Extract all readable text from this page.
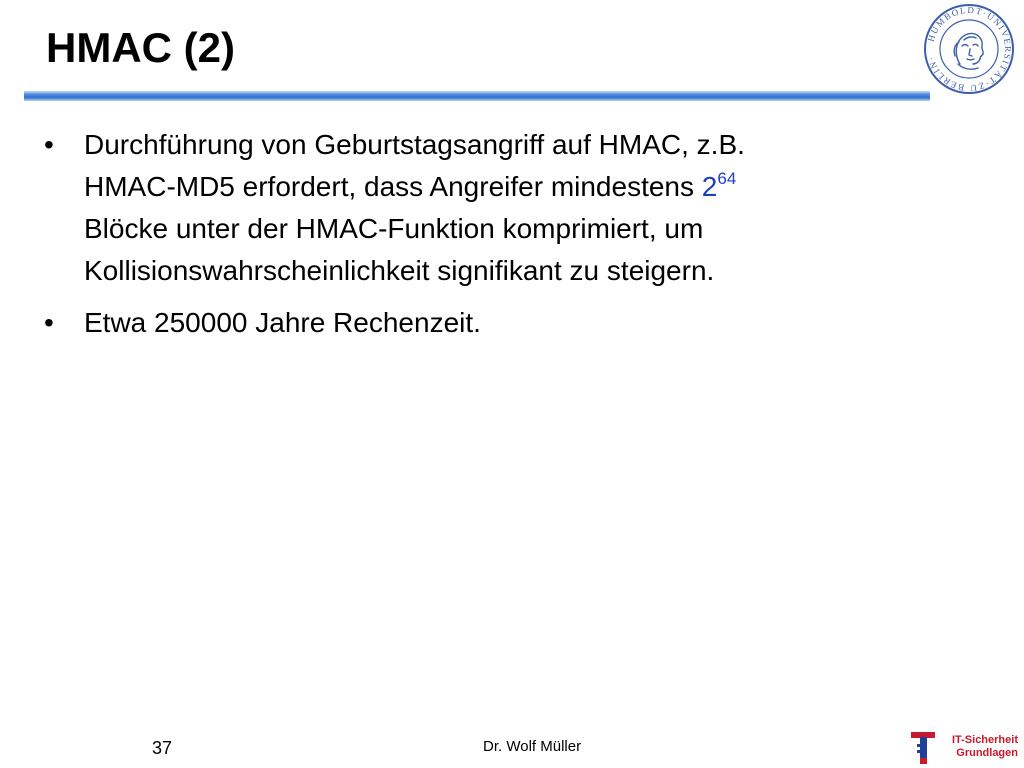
HMAC (2)	HUMBOLDT·UNIVERSITÄT·ZU BERLIN·
•	Durchführung von Geburtstagsangriff auf HMAC, z.B.
HMAC-MD5 erfordert, dass Angreifer mindestens $2^{64}$
Blöcke unter der HMAC-Funktion komprimiert, um
Kollisionswahrscheinlichkeit signifikant zu steigern.
•	Etwa 250000 Jahre Rechenzeit.
37	Dr. Wolf Müller	IT-Sicherheit
Grundlagen
